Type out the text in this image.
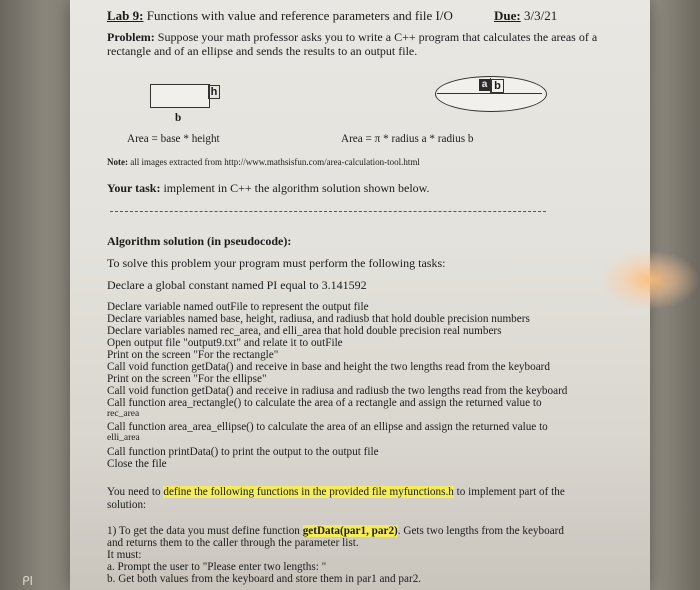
Lab 9: Functions with value and reference parameters and file I/O	Due: 3/3/21
Problem: Suppose your math professor asks you to write a C++ program that calculates the areas of a
rectangle and of an ellipse and sends the results to an output file.
h
b
a b
Area = base * height	Area = π * radius a * radius b
Note: all images extracted from http://www.mathsisfun.com/area-calculation-tool.html
Your task: implement in C++ the algorithm solution shown below.
Algorithm solution (in pseudocode):
To solve this problem your program must perform the following tasks:
Declare a global constant named PI equal to 3.141592
Declare variable named outFile to represent the output file
Declare variables named base, height, radiusa, and radiusb that hold double precision numbers
Declare variables named rec_area, and elli_area that hold double precision real numbers
Open output file "output9.txt" and relate it to outFile
Print on the screen "For the rectangle"
Call void function getData() and receive in base and height the two lengths read from the keyboard
Print on the screen "For the ellipse"
Call void function getData() and receive in radiusa and radiusb the two lengths read from the keyboard
Call function area_rectangle() to calculate the area of a rectangle and assign the returned value to
rec_area
Call function area_area_ellipse() to calculate the area of an ellipse and assign the returned value to
elli_area
Call function printData() to print the output to the output file
Close the file
You need to define the following functions in the provided file myfunctions.h to implement part of the
solution:
1) To get the data you must define function getData(par1, par2). Gets two lengths from the keyboard
and returns them to the caller through the parameter list.
It must:
a. Prompt the user to "Please enter two lengths: "
b. Get both values from the keyboard and store them in par1 and par2.
ᑭI
